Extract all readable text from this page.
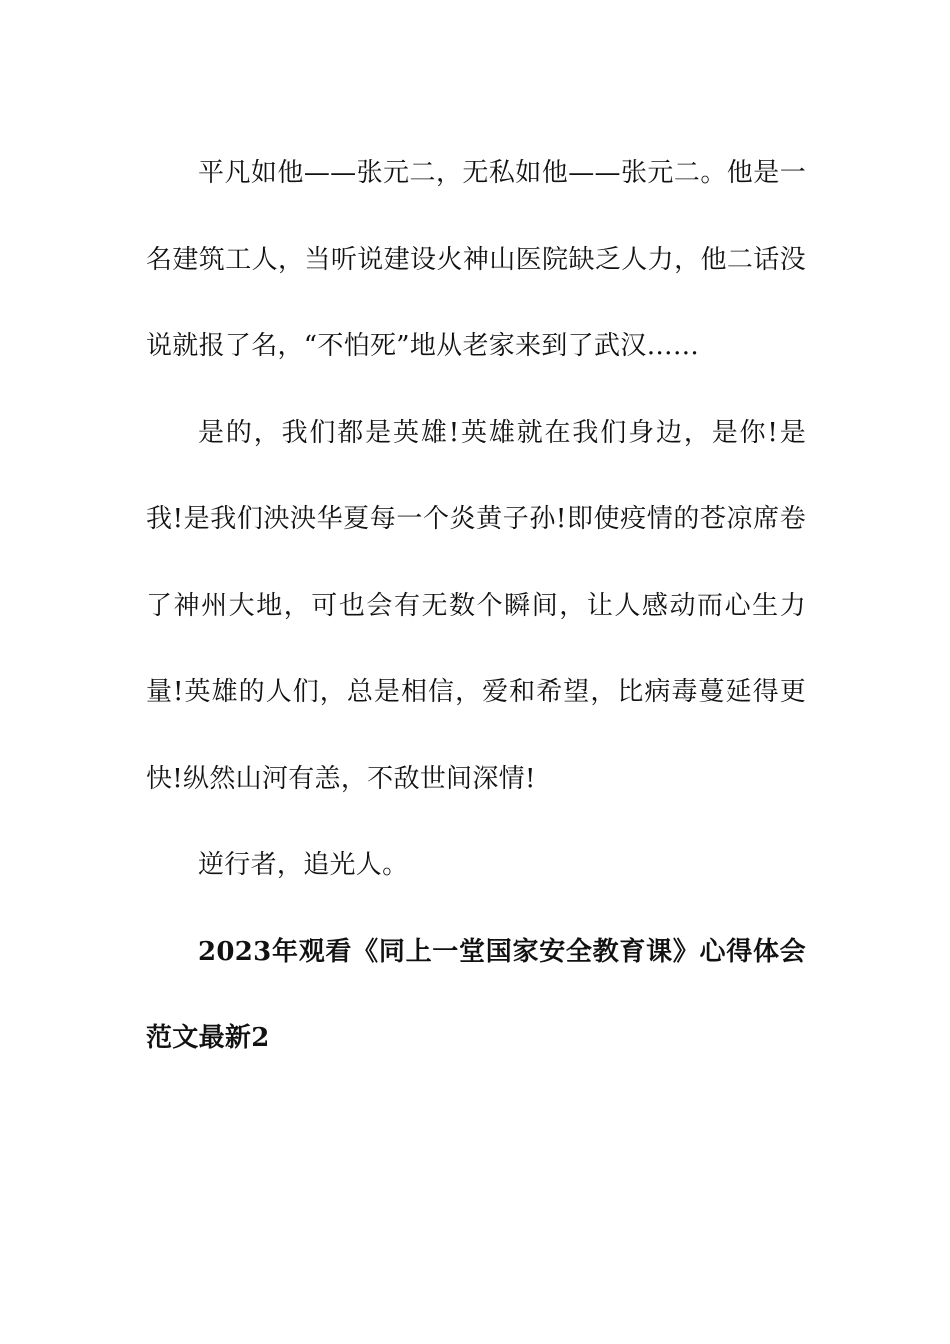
平凡如他——张元二，无私如他——张元二。他是一名建筑工人，当听说建设火神山医院缺乏人力，他二话没说就报了名，“不怕死”地从老家来到了武汉……

是的，我们都是英雄!英雄就在我们身边，是你!是我!是我们泱泱华夏每一个炎黄子孙!即使疫情的苍凉席卷了神州大地，可也会有无数个瞬间，让人感动而心生力量!英雄的人们，总是相信，爱和希望，比病毒蔓延得更快!纵然山河有恙，不敌世间深情!

逆行者，追光人。

2023年观看《同上一堂国家安全教育课》心得体会范文最新2
